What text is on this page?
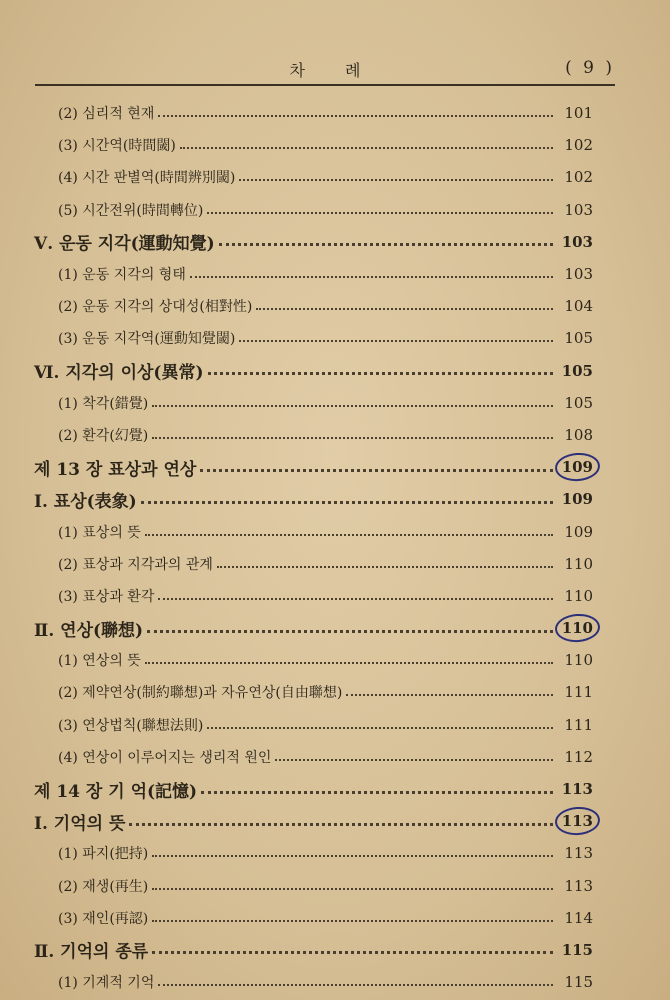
차례	( 9 )
(2) 심리적 현재	101
(3) 시간역(時間閾)	102
(4) 시간 판별역(時間辨別閾)	102
(5) 시간전위(時間轉位)	103
Ⅴ. 운동 지각(運動知覺)	103
(1) 운동 지각의 형태	103
(2) 운동 지각의 상대성(相對性)	104
(3) 운동 지각역(運動知覺閾)	105
Ⅵ. 지각의 이상(異常)	105
(1) 착각(錯覺)	105
(2) 환각(幻覺)	108
제 13 장 표상과 연상	109
Ⅰ. 표상(表象)	109
(1) 표상의 뜻	109
(2) 표상과 지각과의 관계	110
(3) 표상과 환각	110
Ⅱ. 연상(聯想)	110
(1) 연상의 뜻	110
(2) 제약연상(制約聯想)과 자유연상(自由聯想)	111
(3) 연상법칙(聯想法則)	111
(4) 연상이 이루어지는 생리적 원인	112
제 14 장 기 억(記憶)	113
Ⅰ. 기억의 뜻	113
(1) 파지(把持)	113
(2) 재생(再生)	113
(3) 재인(再認)	114
Ⅱ. 기억의 종류	115
(1) 기계적 기억	115
